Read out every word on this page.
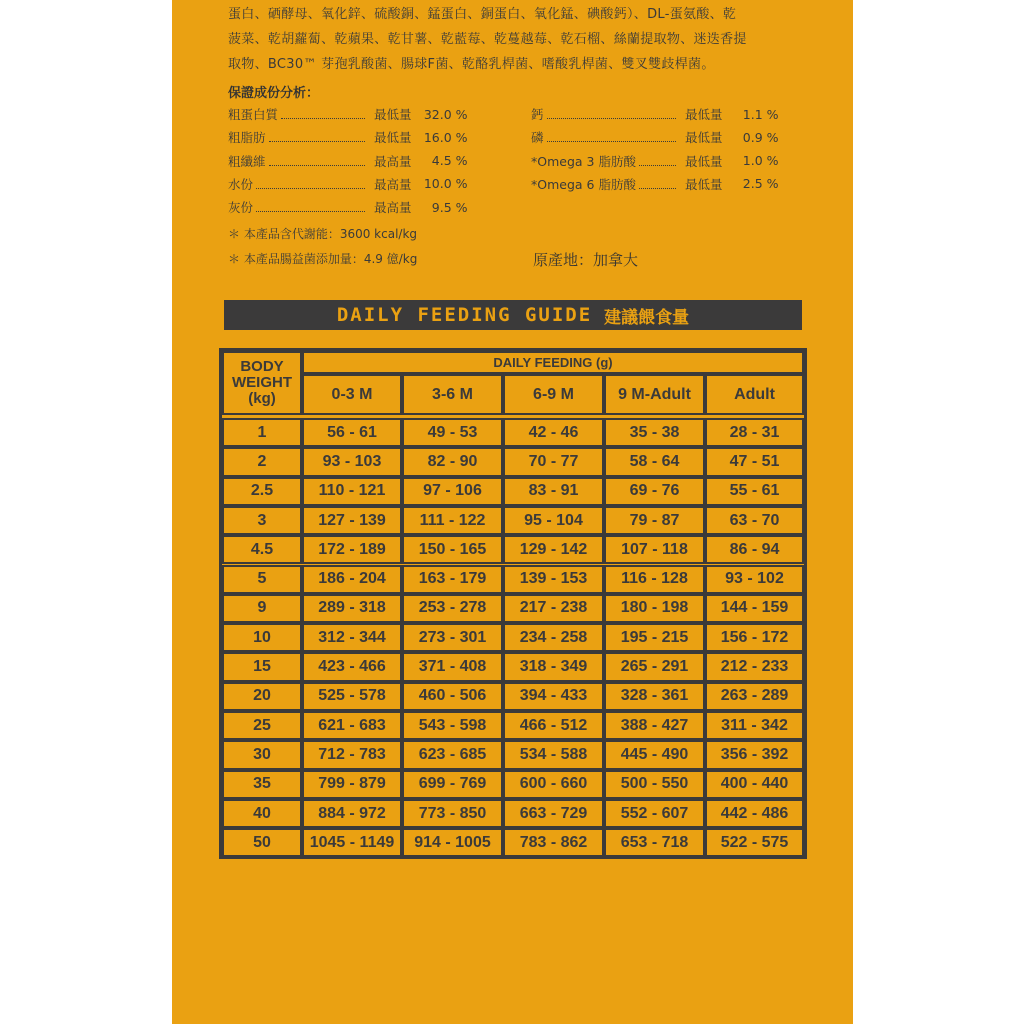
蛋白、硒酵母、氧化鋅、硫酸銅、錳蛋白、銅蛋白、氧化錳、碘酸鈣）、DL-蛋氨酸、乾
菠菜、乾胡蘿蔔、乾蘋果、乾甘薯、乾藍莓、乾蔓越莓、乾石榴、絲蘭提取物、迷迭香提
取物、BC30™ 芽孢乳酸菌、腸球F菌、乾酪乳桿菌、嗜酸乳桿菌、雙叉雙歧桿菌。
保證成份分析：
＊ 本產品含代謝能：3600 kcal/kg
＊ 本產品腸益菌添加量：4.9 億/kg	原產地：加拿大
DAILY FEEDING GUIDE 建議餵食量
BODY
WEIGHT
(kg)
DAILY FEEDING (g)
0-3 M	3-6 M	6-9 M	9 M-Adult	Adult
1	56 - 61	49 - 53	42 - 46	35 - 38	28 - 31
2	93 - 103	82 - 90	70 - 77	58 - 64	47 - 51
2.5	110 - 121	97 - 106	83 - 91	69 - 76	55 - 61
3	127 - 139	111 - 122	95 - 104	79 - 87	63 - 70
4.5	172 - 189	150 - 165	129 - 142	107 - 118	86 - 94
5	186 - 204	163 - 179	139 - 153	116 - 128	93 - 102
9	289 - 318	253 - 278	217 - 238	180 - 198	144 - 159
10	312 - 344	273 - 301	234 - 258	195 - 215	156 - 172
15	423 - 466	371 - 408	318 - 349	265 - 291	212 - 233
20	525 - 578	460 - 506	394 - 433	328 - 361	263 - 289
25	621 - 683	543 - 598	466 - 512	388 - 427	311 - 342
30	712 - 783	623 - 685	534 - 588	445 - 490	356 - 392
35	799 - 879	699 - 769	600 - 660	500 - 550	400 - 440
40	884 - 972	773 - 850	663 - 729	552 - 607	442 - 486
50	1045 - 1149	914 - 1005	783 - 862	653 - 718	522 - 575
粗蛋白質	最低量 32.0 %
粗脂肪	最低量 16.0 %
粗纖維	最高量	4.5 %
水份	最高量 10.0 %
灰份	最高量	9.5 %
鈣	最低量	1.1 %
磷	最低量	0.9 %
*Omega 3 脂肪酸	最低量	1.0 %
*Omega 6 脂肪酸	最低量	2.5 %
